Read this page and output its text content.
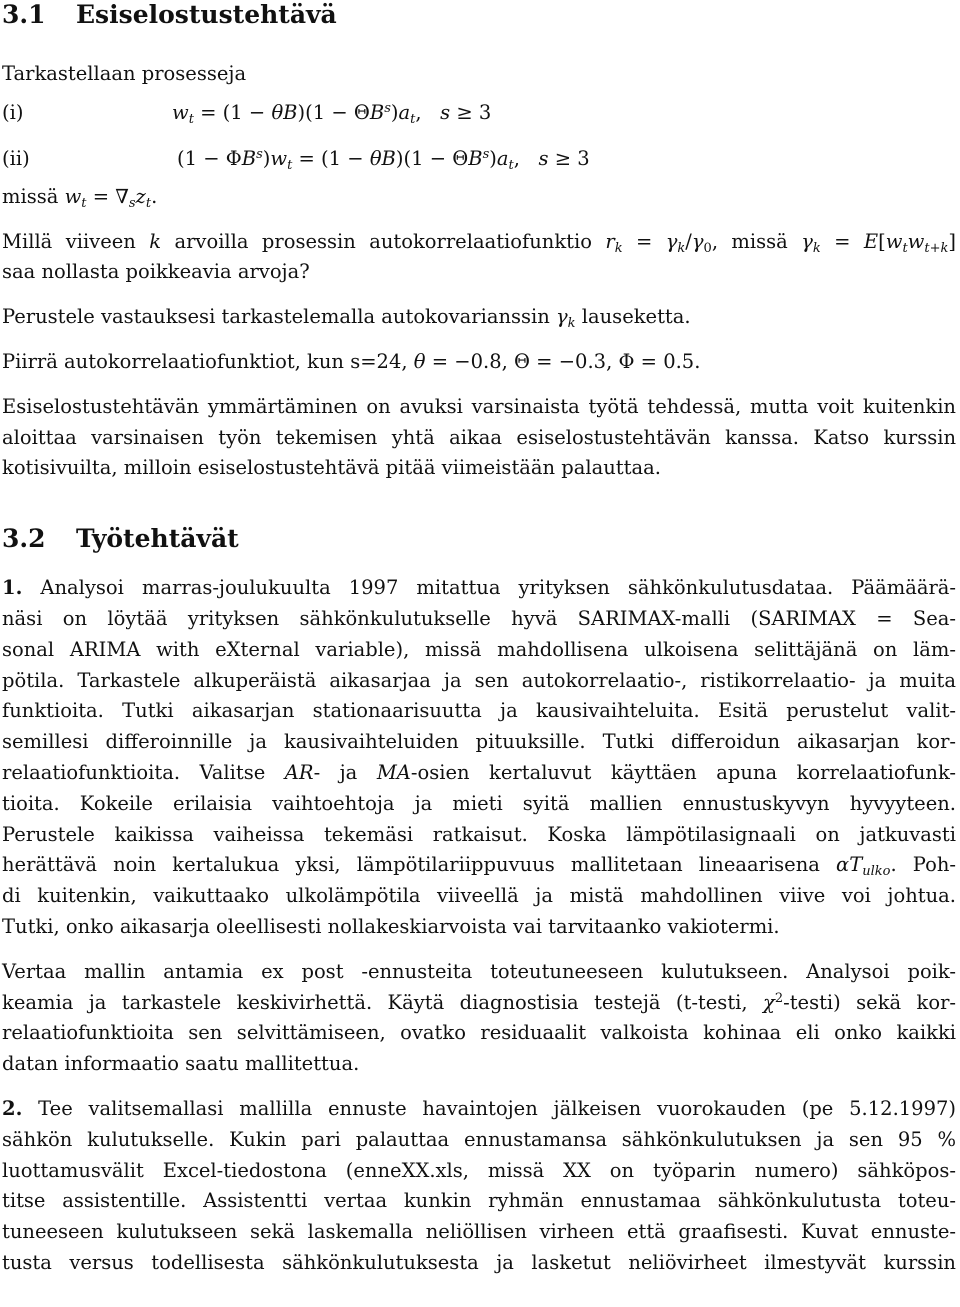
3.1 Esiselostustehtävä
Tarkastellaan prosesseja
(i)	$w_t = (1 - \theta B)(1 - \Theta B^s)a_t$,   s ≥ 3
(ii)	$(1 - \Phi B^s)w_t = (1 - \theta B)(1 - \Theta B^s)a_t$,   s ≥ 3
missä $w_t = \nabla_sz_t$.
Millä viiveen k arvoilla prosessin autokorrelaatiofunktio $r_k = \gamma_k/\gamma_0$, missä $\gamma_k = E[w_tw_{t+k}]$
saa nollasta poikkeavia arvoja?
Perustele vastauksesi tarkastelemalla autokovarianssin $\gamma_k$ lauseketta.
Piirrä autokorrelaatiofunktiot, kun s=24, θ = −0.8, Θ = −0.3, Φ = 0.5.
Esiselostustehtävän ymmärtäminen on avuksi varsinaista työtä tehdessä, mutta voit kuitenkin
aloittaa varsinaisen työn tekemisen yhtä aikaa esiselostustehtävän kanssa. Katso kurssin
kotisivuilta, milloin esiselostustehtävä pitää viimeistään palauttaa.
3.2 Työtehtävät
1. Analysoi marras-joulukuulta 1997 mitattua yrityksen sähkönkulutusdataa. Päämäärä-
näsi on löytää yrityksen sähkönkulutukselle hyvä SARIMAX-malli (SARIMAX = Sea-
sonal ARIMA with eXternal variable), missä mahdollisena ulkoisena selittäjänä on läm-
pötila. Tarkastele alkuperäistä aikasarjaa ja sen autokorrelaatio-, ristikorrelaatio- ja muita
funktioita. Tutki aikasarjan stationaarisuutta ja kausivaihteluita. Esitä perustelut valit-
semillesi differoinnille ja kausivaihteluiden pituuksille. Tutki differoidun aikasarjan kor-
relaatiofunktioita. Valitse AR- ja MA-osien kertaluvut käyttäen apuna korrelaatiofunk-
tioita. Kokeile erilaisia vaihtoehtoja ja mieti syitä mallien ennustuskyvyn hyvyyteen.
Perustele kaikissa vaiheissa tekemäsi ratkaisut. Koska lämpötilasignaali on jatkuvasti
herättävä noin kertalukua yksi, lämpötilariippuvuus mallitetaan lineaarisena $\alpha T_{ulko}$. Poh-
di kuitenkin, vaikuttaako ulkolämpötila viiveellä ja mistä mahdollinen viive voi johtua.
Tutki, onko aikasarja oleellisesti nollakeskiarvoista vai tarvitaanko vakiotermi.
Vertaa mallin antamia ex post -ennusteita toteutuneeseen kulutukseen. Analysoi poik-
keamia ja tarkastele keskivirhettä. Käytä diagnostisia testejä (t-testi, $\chi^2-testi$) sekä kor-
relaatiofunktioita sen selvittämiseen, ovatko residuaalit valkoista kohinaa eli onko kaikki
datan informaatio saatu mallitettua.
2. Tee valitsemallasi mallilla ennuste havaintojen jälkeisen vuorokauden (pe 5.12.1997)
sähkön kulutukselle. Kukin pari palauttaa ennustamansa sähkönkulutuksen ja sen 95 %
luottamusvälit Excel-tiedostona (enneXX.xls, missä XX on työparin numero) sähköpos-
titse assistentille. Assistentti vertaa kunkin ryhmän ennustamaa sähkönkulutusta toteu-
tuneeseen kulutukseen sekä laskemalla neliöllisen virheen että graafisesti. Kuvat ennuste-
tusta versus todellisesta sähkönkulutuksesta ja lasketut neliövirheet ilmestyvät kurssin
